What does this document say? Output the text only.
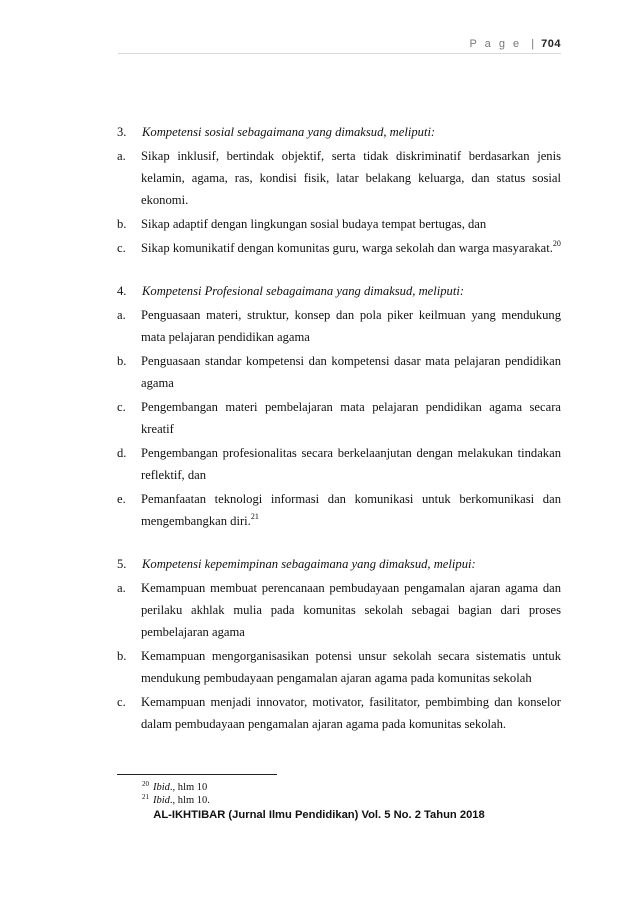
P a g e | 704

3. Kompetensi sosial sebagaimana yang dimaksud, meliputi:

a. Sikap inklusif, bertindak objektif, serta tidak diskriminatif berdasarkan jenis kelamin, agama, ras, kondisi fisik, latar belakang keluarga, dan status sosial ekonomi.
b. Sikap adaptif dengan lingkungan sosial budaya tempat bertugas, dan
c. Sikap komunikatif dengan komunitas guru, warga sekolah dan warga masyarakat.$^{20}$

4. Kompetensi Profesional sebagaimana yang dimaksud, meliputi:

a. Penguasaan materi, struktur, konsep dan pola piker keilmuan yang mendukung mata pelajaran pendidikan agama
b. Penguasaan standar kompetensi dan kompetensi dasar mata pelajaran pendidikan agama
c. Pengembangan materi pembelajaran mata pelajaran pendidikan agama secara kreatif
d. Pengembangan profesionalitas secara berkelaanjutan dengan melakukan tindakan reflektif, dan
e. Pemanfaatan teknologi informasi dan komunikasi untuk berkomunikasi dan mengembangkan diri.$^{21}$

5. Kompetensi kepemimpinan sebagaimana yang dimaksud, melipui:

a. Kemampuan membuat perencanaan pembudayaan pengamalan ajaran agama dan perilaku akhlak mulia pada komunitas sekolah sebagai bagian dari proses pembelajaran agama
b. Kemampuan mengorganisasikan potensi unsur sekolah secara sistematis untuk mendukung pembudayaan pengamalan ajaran agama pada komunitas sekolah
c. Kemampuan menjadi innovator, motivator, fasilitator, pembimbing dan konselor dalam pembudayaan pengamalan ajaran agama pada komunitas sekolah.
$^{20}$ Ibid., hlm 10
$^{21}$ Ibid., hlm 10.
AL-IKHTIBAR (Jurnal Ilmu Pendidikan) Vol. 5 No. 2 Tahun 2018
